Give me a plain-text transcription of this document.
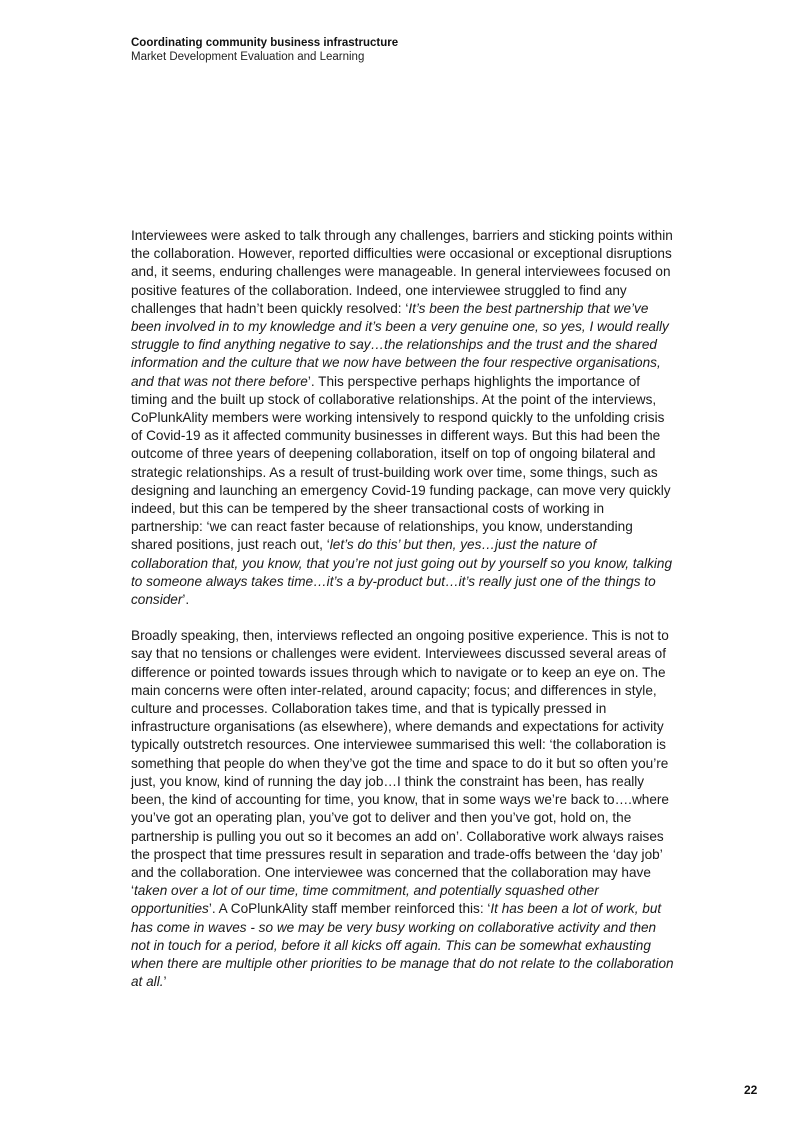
Coordinating community business infrastructure
Market Development Evaluation and Learning

Interviewees were asked to talk through any challenges, barriers and sticking points within the collaboration. However, reported difficulties were occasional or exceptional disruptions and, it seems, enduring challenges were manageable. In general interviewees focused on positive features of the collaboration. Indeed, one interviewee struggled to find any challenges that hadn’t been quickly resolved: ‘It’s been the best partnership that we’ve been involved in to my knowledge and it’s been a very genuine one, so yes, I would really struggle to find anything negative to say…the relationships and the trust and the shared information and the culture that we now have between the four respective organisations, and that was not there before’. This perspective perhaps highlights the importance of timing and the built up stock of collaborative relationships. At the point of the interviews, CoPlunkAlity members were working intensively to respond quickly to the unfolding crisis of Covid-19 as it affected community businesses in different ways. But this had been the outcome of three years of deepening collaboration, itself on top of ongoing bilateral and strategic relationships. As a result of trust-building work over time, some things, such as designing and launching an emergency Covid-19 funding package, can move very quickly indeed, but this can be tempered by the sheer transactional costs of working in partnership: ‘we can react faster because of relationships, you know, understanding shared positions, just reach out, ‘let’s do this’ but then, yes…just the nature of collaboration that, you know, that you’re not just going out by yourself so you know, talking to someone always takes time…it’s a by-product but…it’s really just one of the things to consider’.

Broadly speaking, then, interviews reflected an ongoing positive experience. This is not to say that no tensions or challenges were evident. Interviewees discussed several areas of difference or pointed towards issues through which to navigate or to keep an eye on. The main concerns were often inter-related, around capacity; focus; and differences in style, culture and processes. Collaboration takes time, and that is typically pressed in infrastructure organisations (as elsewhere), where demands and expectations for activity typically outstretch resources. One interviewee summarised this well: ‘the collaboration is something that people do when they’ve got the time and space to do it but so often you’re just, you know, kind of running the day job…I think the constraint has been, has really been, the kind of accounting for time, you know, that in some ways we’re back to….where you’ve got an operating plan, you’ve got to deliver and then you’ve got, hold on, the partnership is pulling you out so it becomes an add on’. Collaborative work always raises the prospect that time pressures result in separation and trade-offs between the ‘day job’ and the collaboration. One interviewee was concerned that the collaboration may have ‘taken over a lot of our time, time commitment, and potentially squashed other opportunities’. A CoPlunkAlity staff member reinforced this: ‘It has been a lot of work, but has come in waves - so we may be very busy working on collaborative activity and then not in touch for a period, before it all kicks off again. This can be somewhat exhausting when there are multiple other priorities to be manage that do not relate to the collaboration at all.’

22
